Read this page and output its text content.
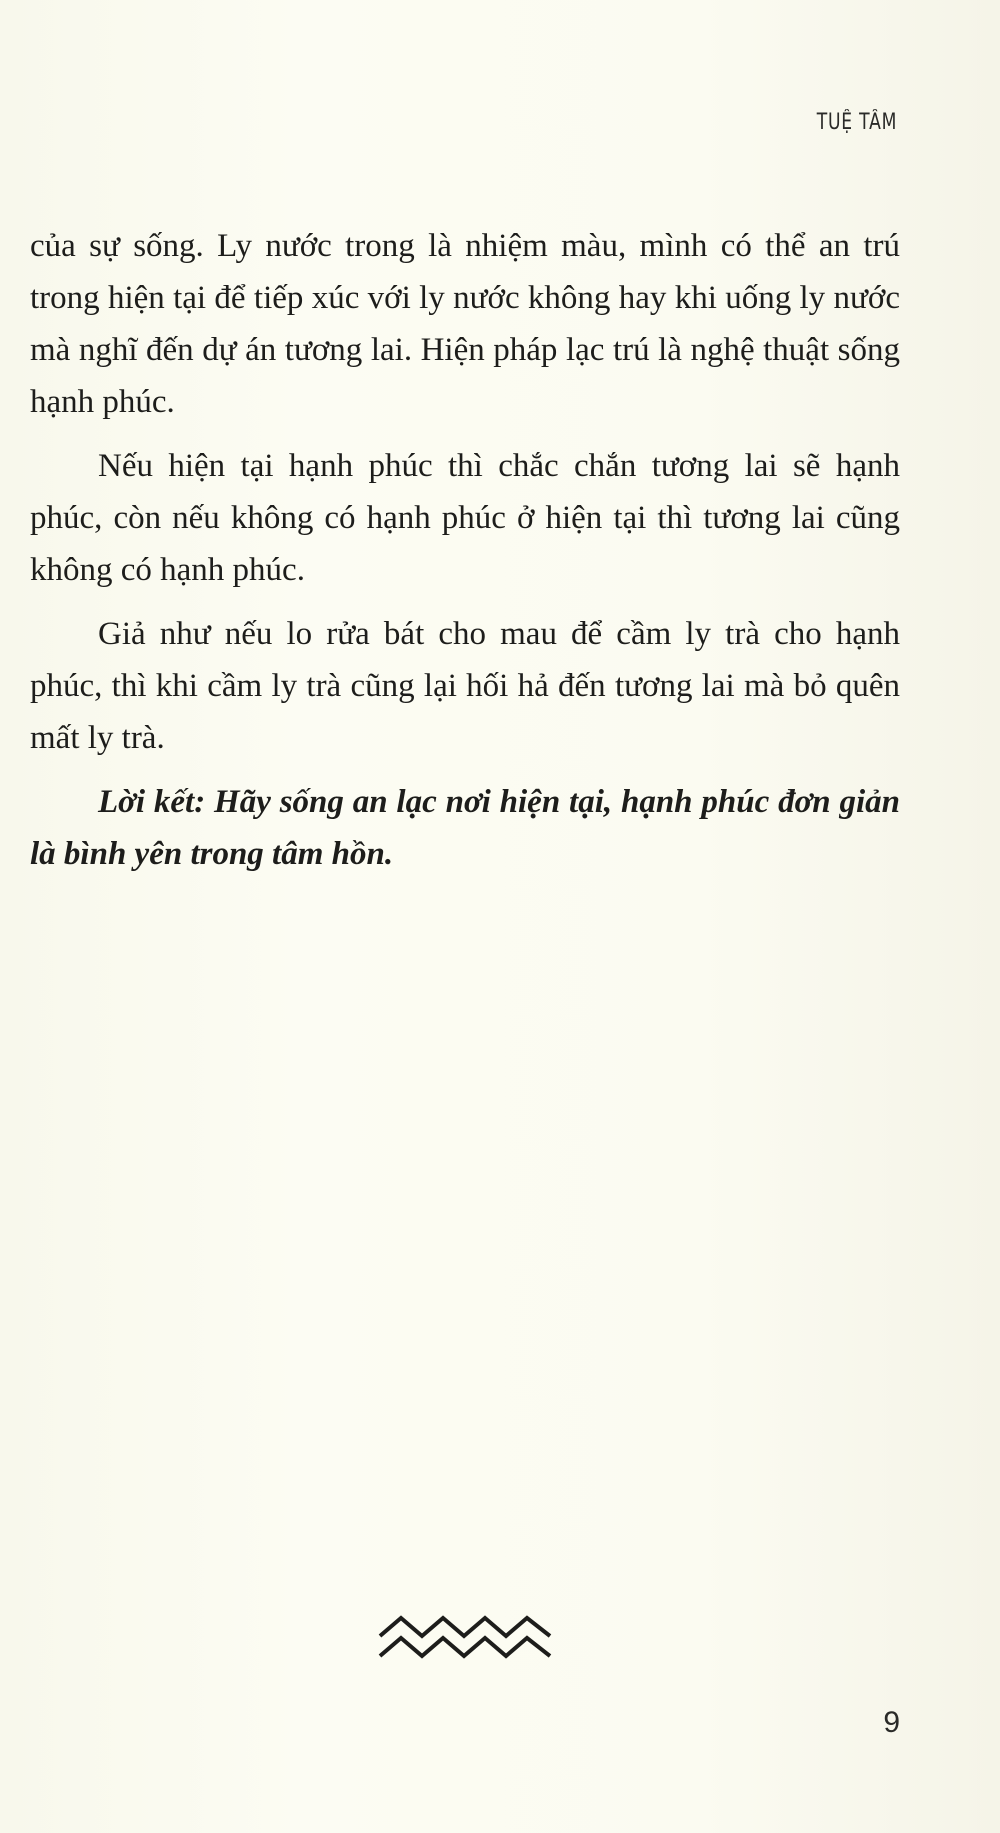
TUỆ TÂM

của sự sống. Ly nước trong là nhiệm màu, mình có thể an trú trong hiện tại để tiếp xúc với ly nước không hay khi uống ly nước mà nghĩ đến dự án tương lai. Hiện pháp lạc trú là nghệ thuật sống hạnh phúc.

Nếu hiện tại hạnh phúc thì chắc chắn tương lai sẽ hạnh phúc, còn nếu không có hạnh phúc ở hiện tại thì tương lai cũng không có hạnh phúc.

Giả như nếu lo rửa bát cho mau để cầm ly trà cho hạnh phúc, thì khi cầm ly trà cũng lại hối hả đến tương lai mà bỏ quên mất ly trà.

Lời kết: Hãy sống an lạc nơi hiện tại, hạnh phúc đơn giản là bình yên trong tâm hồn.

9
